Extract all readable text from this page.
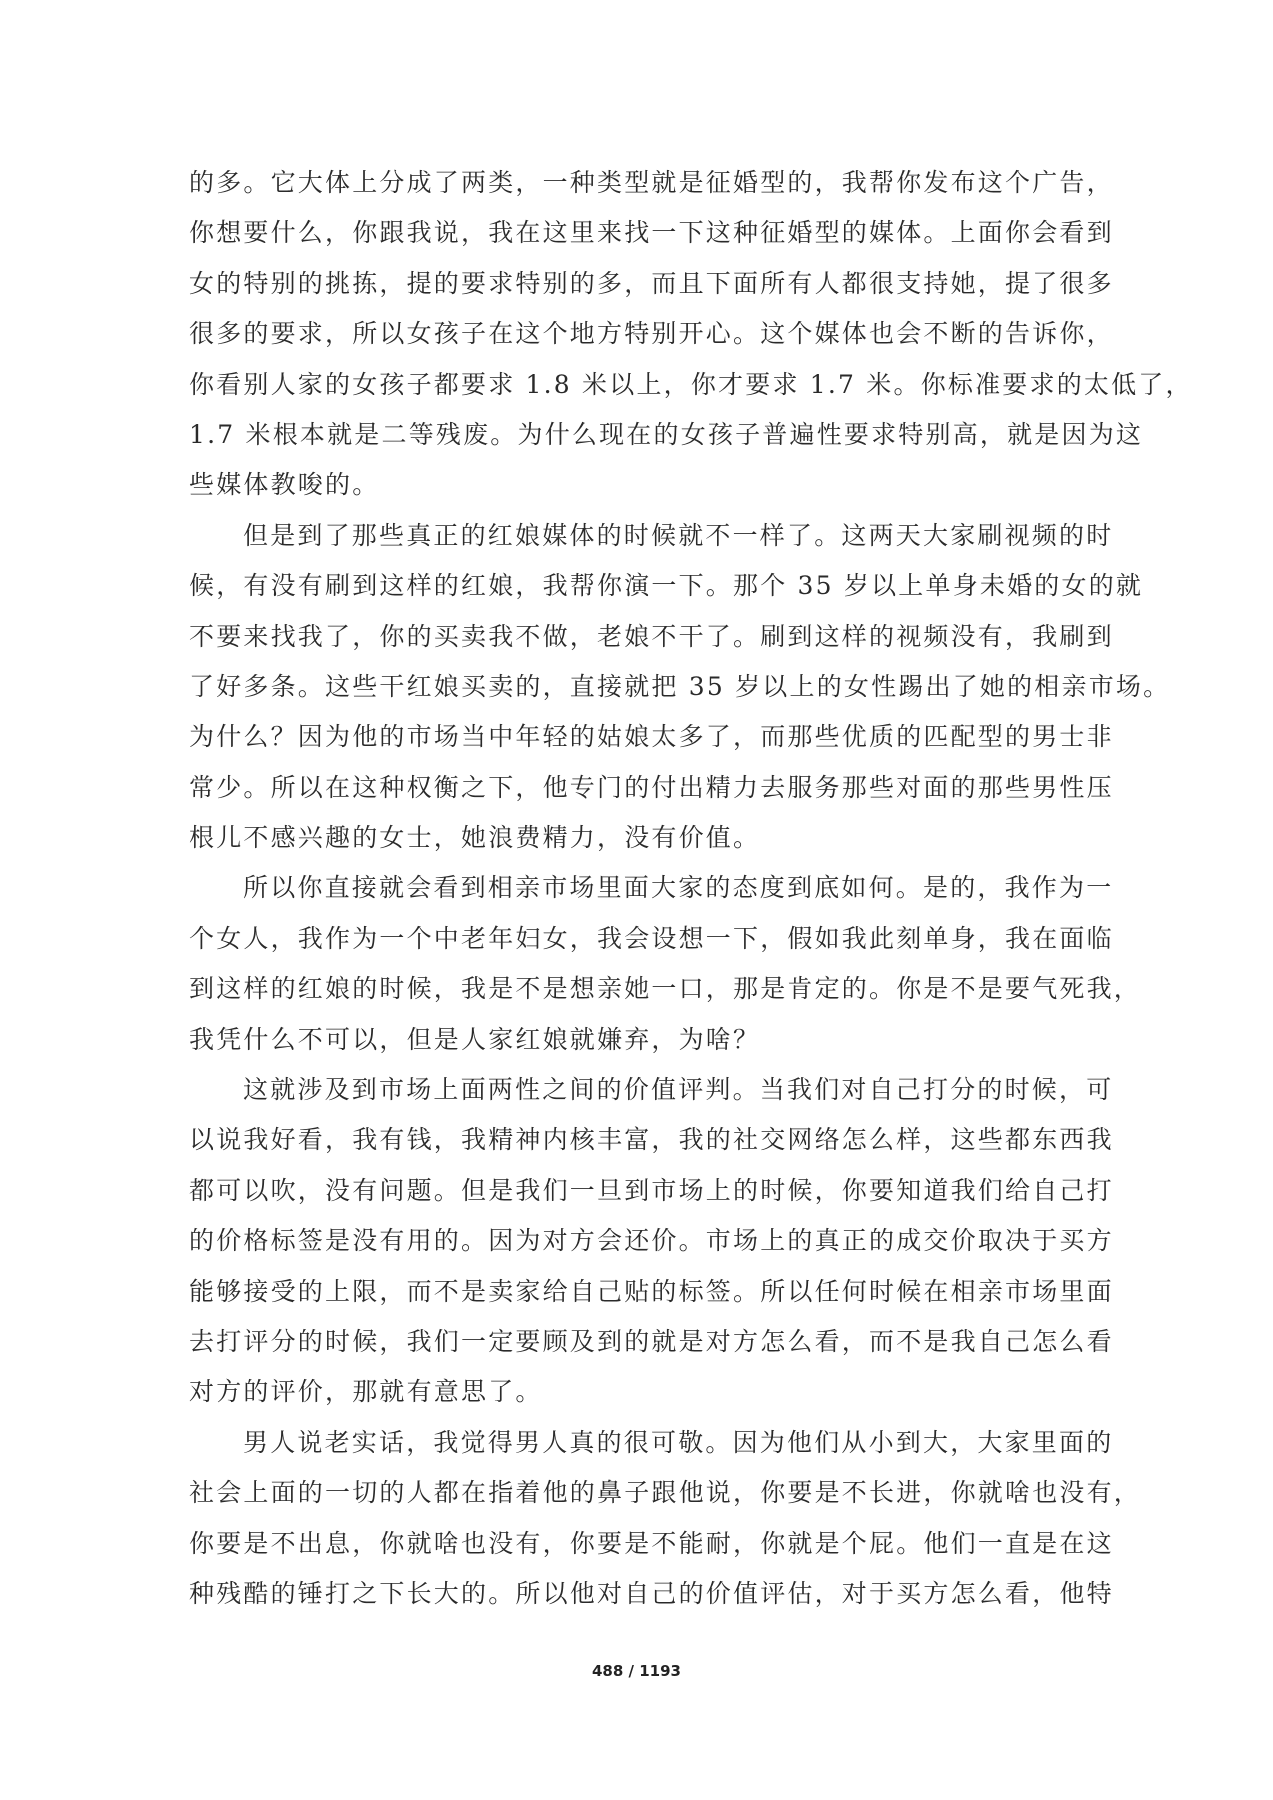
的多。它大体上分成了两类，一种类型就是征婚型的，我帮你发布这个广告，
你想要什么，你跟我说，我在这里来找一下这种征婚型的媒体。上面你会看到
女的特别的挑拣，提的要求特别的多，而且下面所有人都很支持她，提了很多
很多的要求，所以女孩子在这个地方特别开心。这个媒体也会不断的告诉你，
你看别人家的女孩子都要求 1.8 米以上，你才要求 1.7 米。你标准要求的太低了，
1.7 米根本就是二等残废。为什么现在的女孩子普遍性要求特别高，就是因为这
些媒体教唆的。
但是到了那些真正的红娘媒体的时候就不一样了。这两天大家刷视频的时
候，有没有刷到这样的红娘，我帮你演一下。那个 35 岁以上单身未婚的女的就
不要来找我了，你的买卖我不做，老娘不干了。刷到这样的视频没有，我刷到
了好多条。这些干红娘买卖的，直接就把 35 岁以上的女性踢出了她的相亲市场。
为什么？因为他的市场当中年轻的姑娘太多了，而那些优质的匹配型的男士非
常少。所以在这种权衡之下，他专门的付出精力去服务那些对面的那些男性压
根儿不感兴趣的女士，她浪费精力，没有价值。
所以你直接就会看到相亲市场里面大家的态度到底如何。是的，我作为一
个女人，我作为一个中老年妇女，我会设想一下，假如我此刻单身，我在面临
到这样的红娘的时候，我是不是想亲她一口，那是肯定的。你是不是要气死我，
我凭什么不可以，但是人家红娘就嫌弃，为啥？
这就涉及到市场上面两性之间的价值评判。当我们对自己打分的时候，可
以说我好看，我有钱，我精神内核丰富，我的社交网络怎么样，这些都东西我
都可以吹，没有问题。但是我们一旦到市场上的时候，你要知道我们给自己打
的价格标签是没有用的。因为对方会还价。市场上的真正的成交价取决于买方
能够接受的上限，而不是卖家给自己贴的标签。所以任何时候在相亲市场里面
去打评分的时候，我们一定要顾及到的就是对方怎么看，而不是我自己怎么看
对方的评价，那就有意思了。
男人说老实话，我觉得男人真的很可敬。因为他们从小到大，大家里面的
社会上面的一切的人都在指着他的鼻子跟他说，你要是不长进，你就啥也没有，
你要是不出息，你就啥也没有，你要是不能耐，你就是个屁。他们一直是在这
种残酷的锤打之下长大的。所以他对自己的价值评估，对于买方怎么看，他特
488 / 1193
